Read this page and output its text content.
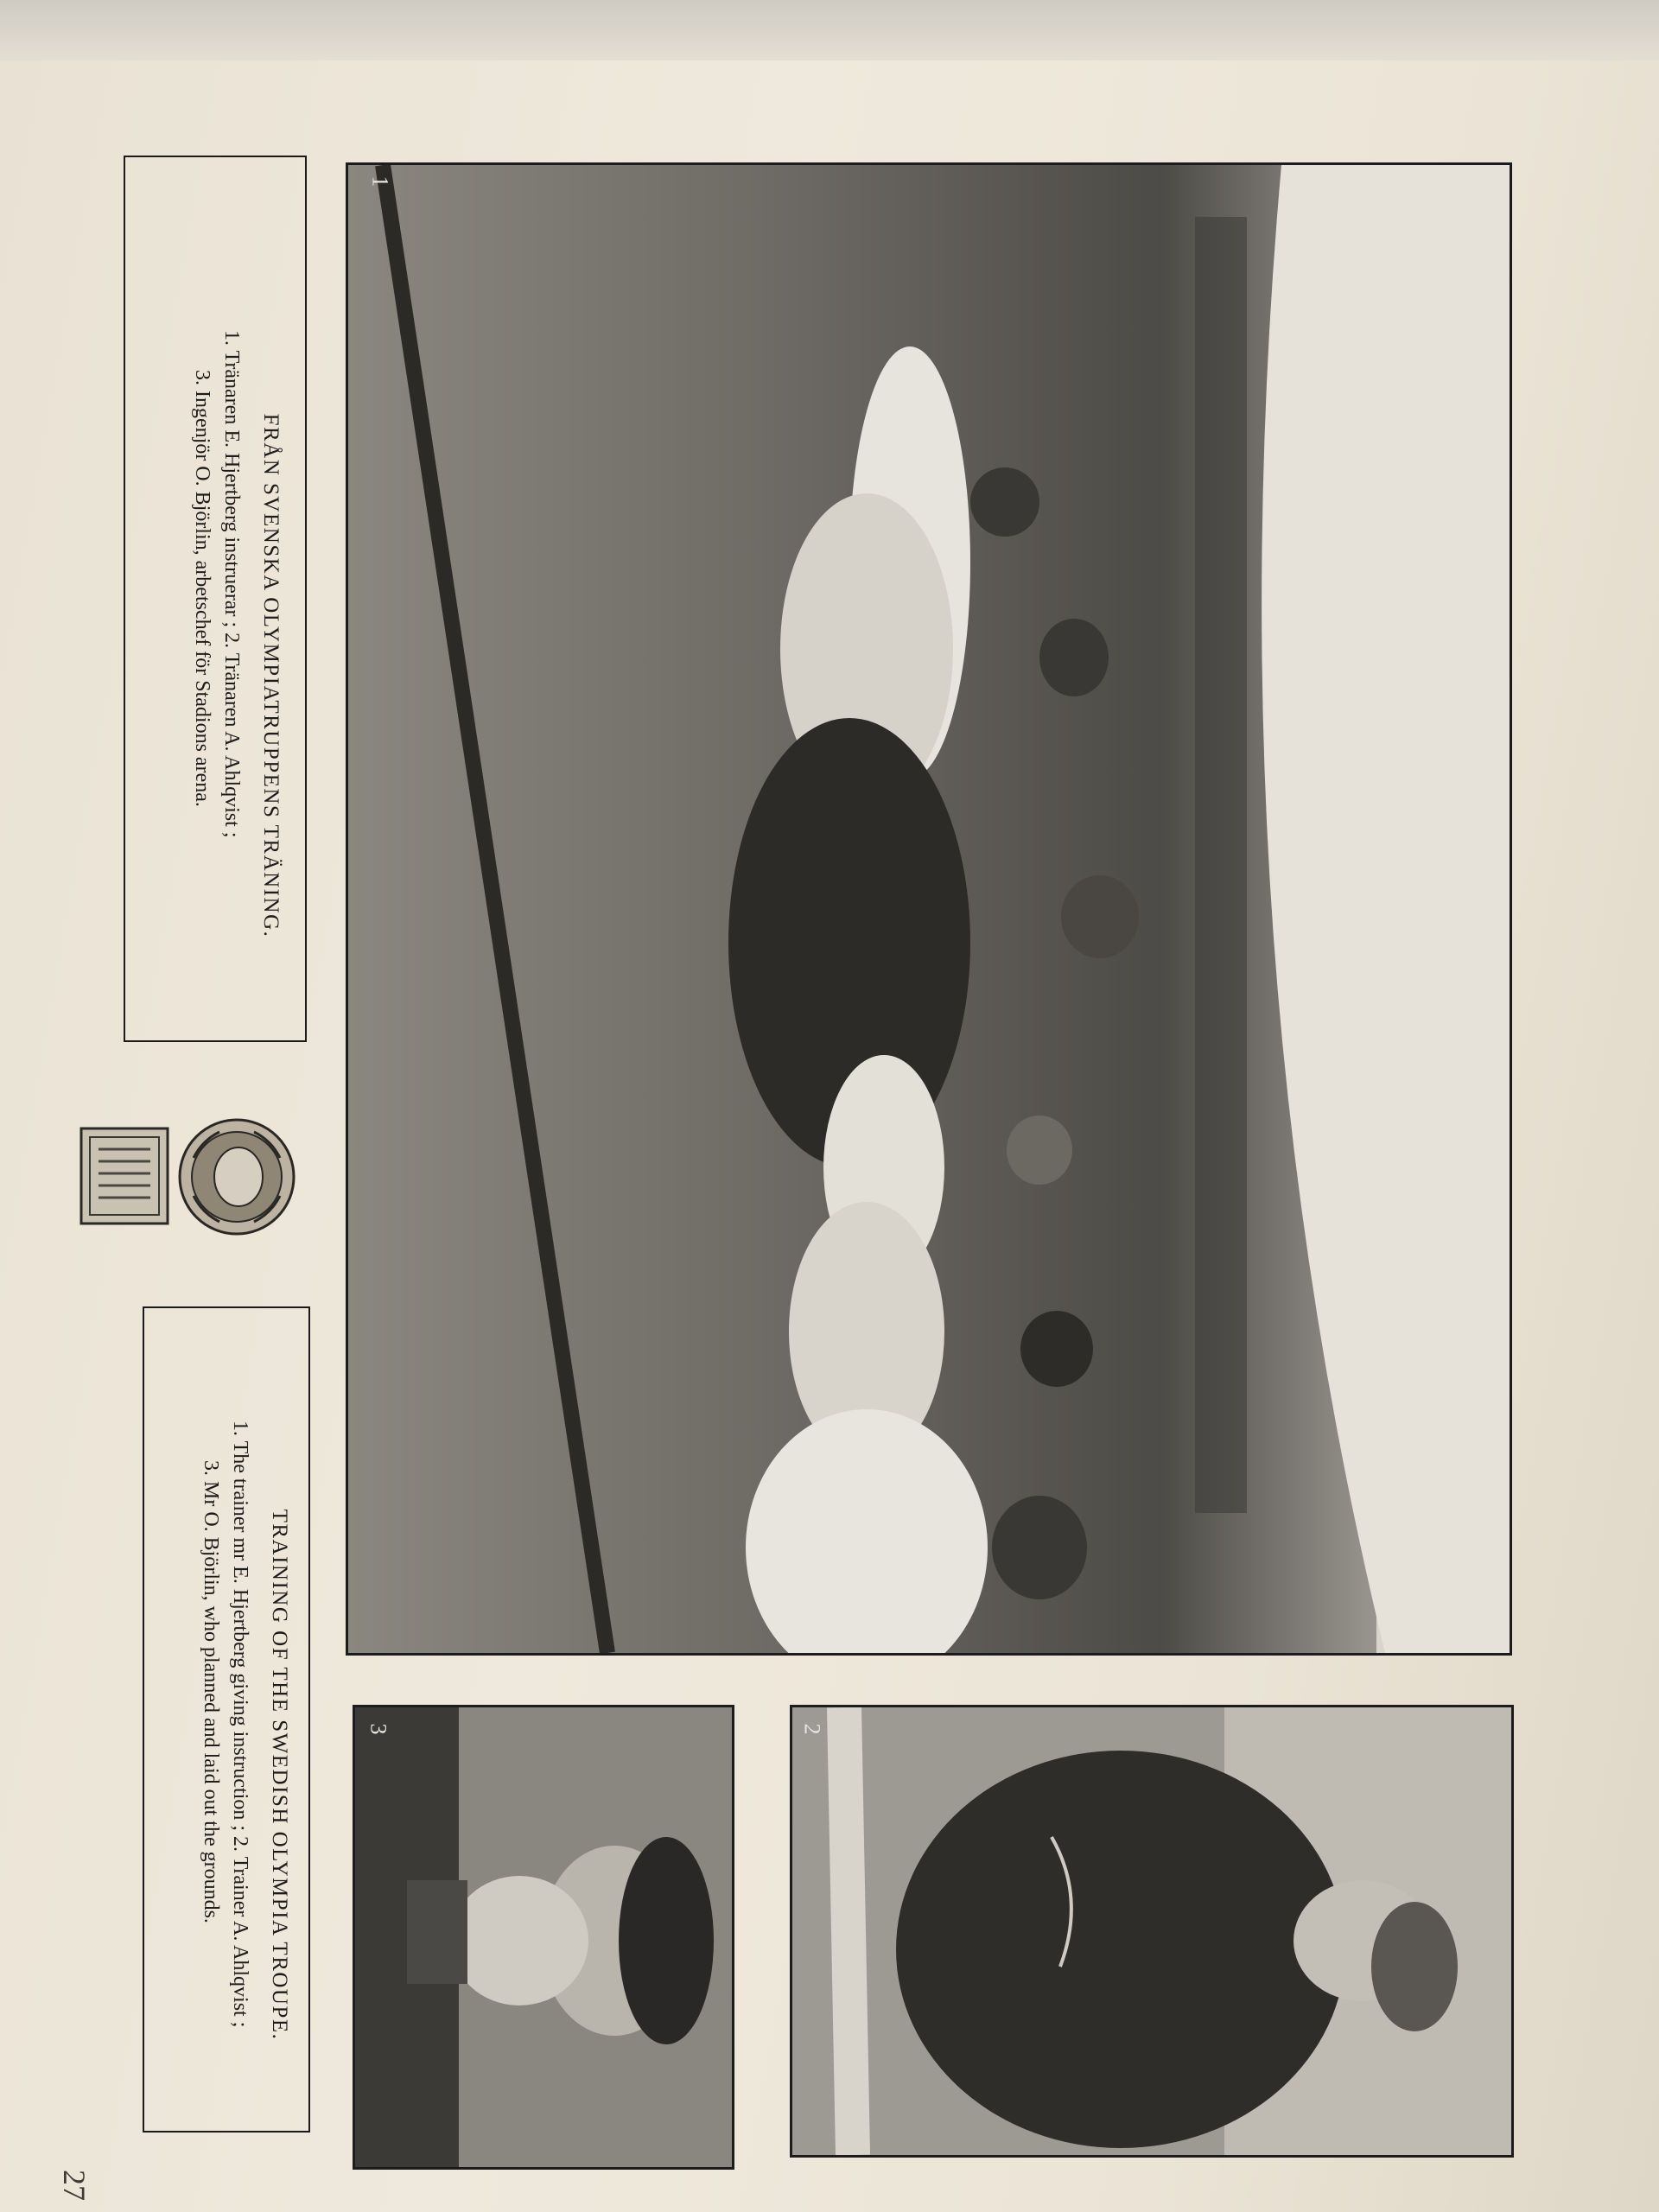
FRÅN SVENSKA OLYMPIATRUPPENS TRÄNING.
1. Tränaren E. Hjertberg instruerar ; 2. Tränaren A. Ahlqvist ;
3. Ingenjör O. Björlin, arbetschef för Stadions arena.
TRAINING OF THE SWEDISH OLYMPIA TROUPE.
1. The trainer mr E. Hjertberg giving instruction ; 2. Trainer A. Ahlqvist ;
3. Mr O. Björlin, who planned and laid out the grounds.
1
3	2
27
